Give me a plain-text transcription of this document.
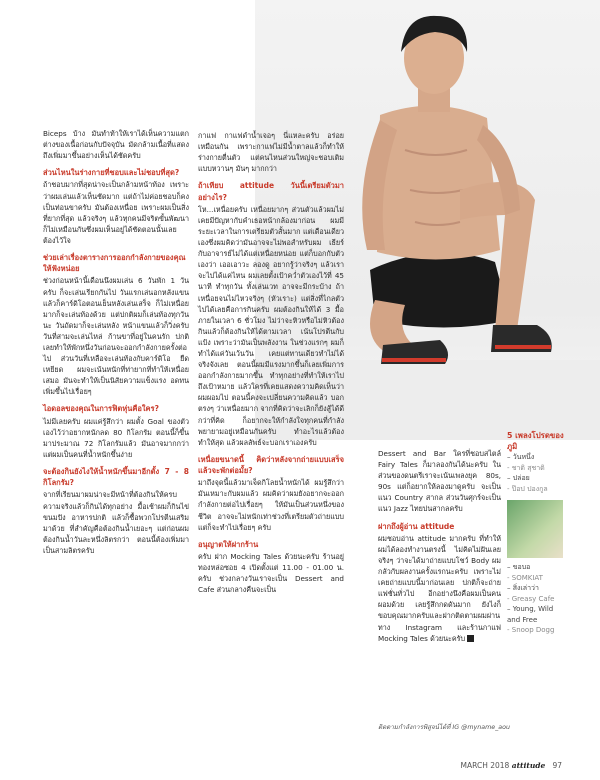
Biceps บ้าง มันทำท้าให้เราได้เห็นความแตกต่างของเนื้อก่อนกับปัจจุบัน มัดกล้ามเนื้อที่แสดงถึงเพิ่มมาขึ้นอย่างเห็นได้ชัดครับ

ส่วนไหนในร่างกายที่ชอบและไม่ชอบที่สุด?

ถ้าชอบมากที่สุดน่าจะเป็นกล้ามหน้าท้อง เพราะว่าผมเล่นแล้วเห็นชัดมาก แต่ถ้าไม่ค่อยชอบก็คงเป็นท่อนขาครับ มันต้องเหนื่อย เพราะผมเป็นสิ่งที่ยากที่สุด แล้วจริงๆ แล้วทุกคนมีจริตขั้นพัฒนาก็ไม่เหมือนกันซึ่งผมเห็นอยู่ได้ชัดตอนนั้นเลยต้องไว้ใจ

ช่วยเล่าเรื่องตารางการออกกำลังกายของคุณให้ฟังหน่อย

ช่วงก่อนหน้านี้เดือนนึงผมเล่น 6 วันพัก 1 วันครับ ก็จะเล่นเรียกกันไป วันแรกเล่นอกหลังแขน แล้วก็คาร์ดิโอตอนเย็นหลังเล่นเสร็จ ก็ไม่เหนื่อยมากก็จะเล่นท้องด้วย แต่ปกติผมก็เล่นท้องทุกวันนะ วันถัดมาก็จะเล่นหลัง หน้าแขนแล้วก็วิ่งครับ วันที่สามจะเล่นไหล่ ก้านขาที่อยู่ในคนรัก ปกติเลยทำให้พักหนึ่งวันก่อนจะออกกำลังกายครั้งต่อไป ส่วนวันที่เหลือจะเล่นท้องกับคาร์ดิโอ ยืดเหยียด ผมจะเน้นหนักที่ท่ายากที่ทำให้เหนื่อยเสมอ มันจะทำให้เป็นนิสัยความแข็งแรง อดทนเพิ่มขึ้นไปเรื่อยๆ

ไอดอลของคุณในการฟิตหุ่นคือใคร?

ไม่มีเลยครับ ผมแค่รู้สึกว่า ผมตั้ง Goal ของตัวเองไว้ว่าอยากหนักลด 80 กิโลกรัม ตอนนี้ก็ขึ้นมาประมาณ 72 กิโลกรัมแล้ว มันอาจมากกว่าแต่ผมเป็นคนที่น้ำหนักขึ้นง่าย

จะต้องกินยังไงให้น้ำหนักขึ้นมาอีกตั้ง 7 - 8 กิโลกรัม?

จากที่เรียนมาผมน่าจะมีหน้าที่ต้องกินให้ครบ ความจริงแล้วก็กินได้ทุกอย่าง มื้อเช้าผมก็กินไข่ ขนมปัง อาหารปกติ แล้วก็ซื้อพวกโปรตีนเสริมมาด้วย ที่สำคัญคือต้องกินน้ำเยอะๆ แต่ก่อนผมต้องกินน้ำวันละหนึ่งลิตรกว่า ตอนนี้ต้องเพิ่มมาเป็นสามลิตรครับ

กาแฟ กาแฟดำน้ำเจอๆ นี่แหละครับ อร่อยเหมือนกัน เพราะกาแฟไม่มีน้ำตาลแล้วก็ทำให้ร่างกายตื่นตัว แต่คนไหนส่วนใหญ่จะชอบเติมแบบหวานๆ มันๆ มากกว่า

ถ้าเทียบ attitude วันนี้เตรียมตัวมาอย่างไร?

โห...เหนื่อยครับ เหนื่อยมากๆ ส่วนตัวแล้วผมไม่เคยมีปัญหากับคำเธอหน้ากล้องมาก่อน ผมมีระยะเวลาในการเตรียมตัวสั้นมาก แต่เดือนเดียวเองซึ่งผมคิดว่ามันอาจจะไม่พอสำหรับผม เธียร์กับอาจารย์ไม่ได้แต่เหนื่อยหน่อย แต่ก็บอกกับตัวเองว่า เออเอาวะ ลองดู อยากรู้ว่าจริงๆ แล้วเราจะไปได้แค่ไหน ผมเลยตั้งเป้าคว่ำตัวเองไว้ที่ 45 นาที ทำทุกวัน ทั้งเล่นเวท อาจจะมีกระบ้าง ถ้าเหนื่อยจนไม่ไหวจริงๆ (หัวเราะ) แต่สิ่งที่ไกลตัวไปได้เลยคือการกินครับ ผมต้องกินให้ได้ 3 มื้อภายในเวลา 6 ชั่วโมง ไม่ว่าจะหิวหรือไม่หิวต้องกินแล้วก็ต้องกินให้ได้ตามเวลา เน้นโปรตีนกับแป้ง เพราะว่ามันเป็นพลังงาน ในช่วงแรกๆ ผมก็ทำได้แค่วันเว้นวัน เคยแต่ทานเดียวทำไม่ได้จริงจังเลย ตอนนี้ผมมีแรงมากขึ้นก็เลยเพิ่มการออกกำลังกายมากขึ้น ทำทุกอย่างที่ทำให้เราไปถึงเป้าหมาย แล้วใครที่เคยแสดงความคิดเห็นว่าผมผอมไป ตอนนี้คงจะเปลี่ยนความคิดแล้ว บอกตรงๆ ว่าเหนื่อยมาก จากที่คิดว่าจะเลิกก็ยังสู้ได้ดีกว่าที่คิด ก็อยากจะให้กำลังใจทุกคนที่กำลังพยายามอยู่เหมือนกันครับ ทำอะไรแล้วต้องทำให้สุด แล้วผลลัพธ์จะบอกเราเองครับ

เหนื่อยขนาดนี้ คิดว่าหลังจากถ่ายแบบเสร็จแล้วจะพักต่อมั้ย?

มาถึงจุดนี้แล้วมาเจ็ดกิโลยน้ำหนักได้ ผมรู้สึกว่ามันเหมาะกับผมแล้ว ผมคิดว่าผมยังอยากจะออกกำลังกายต่อไปเรื่อยๆ ให้มันเป็นส่วนหนึ่งของชีวิต อาจจะไม่หนักเท่าช่วงที่เตรียมตัวถ่ายแบบ แต่ก็จะทำไปเรื่อยๆ ครับ

อนุญาตให้ฝากร้าน

ครับ ฝาก Mocking Tales ด้วยนะครับ ร้านอยู่ทองหล่อซอย 4 เปิดตั้งแต่ 11.00 - 01.00 น. ครับ ช่วงกลางวันเราจะเป็น Dessert and Cafe ส่วนกลางคืนจะเป็น

Dessert and Bar ใครที่ชอบสไตล์ Fairy Tales ก็มาลองกันได้นะครับ ในส่วนของดนตรีเราจะเน้นเพลงยุค 80s, 90s แต่ก็อยากให้ลองมาดูครับ จะเป็นแนว Country สากล ส่วนวันศุกร์จะเป็นแนว Jazz ไทยปนสากลครับ

ฝากถึงผู้อ่าน attitude

ผมชอบอ่าน attitude มากครับ ที่ทำให้ผมได้ลองทำงานตรงนี้ ไม่คิดไม่ฝันเลยจริงๆ ว่าจะได้มาถ่ายแบบโชว์ Body ผมกลัวกับผลงานครั้งแรกนะครับ เพราะไม่เคยถ่ายแบบนี้มาก่อนเลย ปกติก็จะถ่ายแฟชั่นทั่วไป อีกอย่างนึงคือผมเป็นคนผอมด้วย เลยรู้สึกกดดันมาก ยังไงก็ขอบคุณมากครับและฝากติดตามผมผ่านทาง Instagram และร้านกาแฟ Mocking Tales ด้วยนะครับ

5 เพลงโปรดของภูมิ
– วันหนึ่ง
- ชาติ สุชาติ
– ปล่อย
- ป๊อป ปองกูล
– ขอบอ
- SOMKIAT
– สิ่งเล่าว่า
- Greasy Cafe
– Young, Wild and Free
- Snoop Dogg
ติดตามกำลังการพิสูจน์ได้ที่ IG @myname_aou
MARCH 2018 attitude 97
